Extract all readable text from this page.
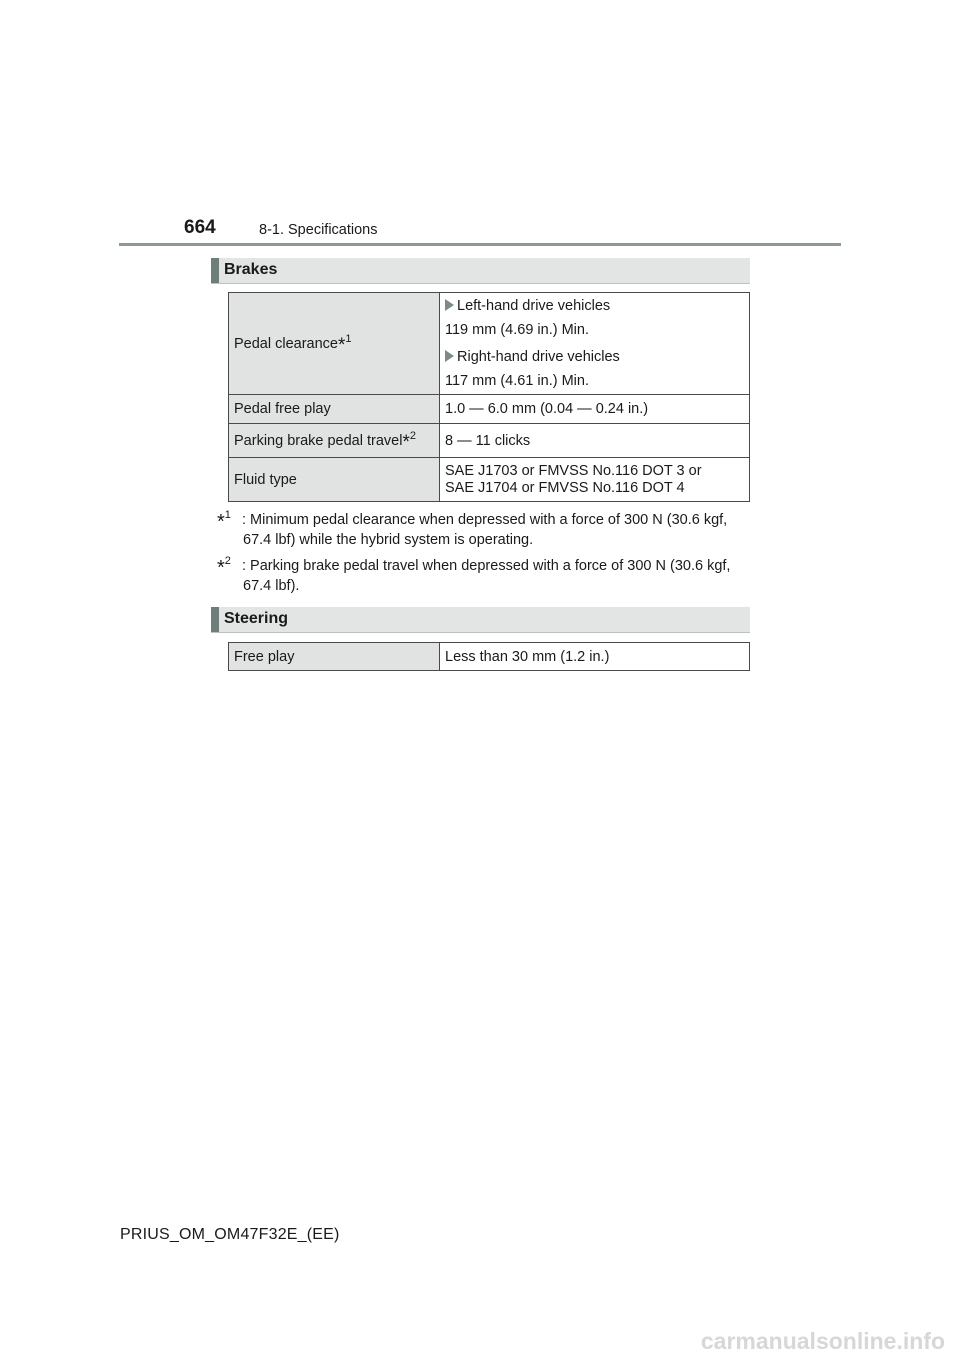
664	8-1. Specifications
Brakes
Pedal clearance$^{*1}$	Left-hand drive vehicles

119 mm (4.69 in.) Min.

Right-hand drive vehicles

117 mm (4.61 in.) Min.

Pedal free play	1.0 — 6.0 mm (0.04 — 0.24 in.)
Parking brake pedal travel$^{*2}$	8 — 11 clicks
Fluid type	SAE J1703 or FMVSS No.116 DOT 3 or
SAE J1704 or FMVSS No.116 DOT 4
*$^1$ : Minimum pedal clearance when depressed with a force of 300 N (30.6 kgf,
67.4 lbf) while the hybrid system is operating.
*$^2$ : Parking brake pedal travel when depressed with a force of 300 N (30.6 kgf,
67.4 lbf).
Steering
Free play	Less than 30 mm (1.2 in.)
PRIUS_OM_OM47F32E_(EE)
carmanualsonline.info
